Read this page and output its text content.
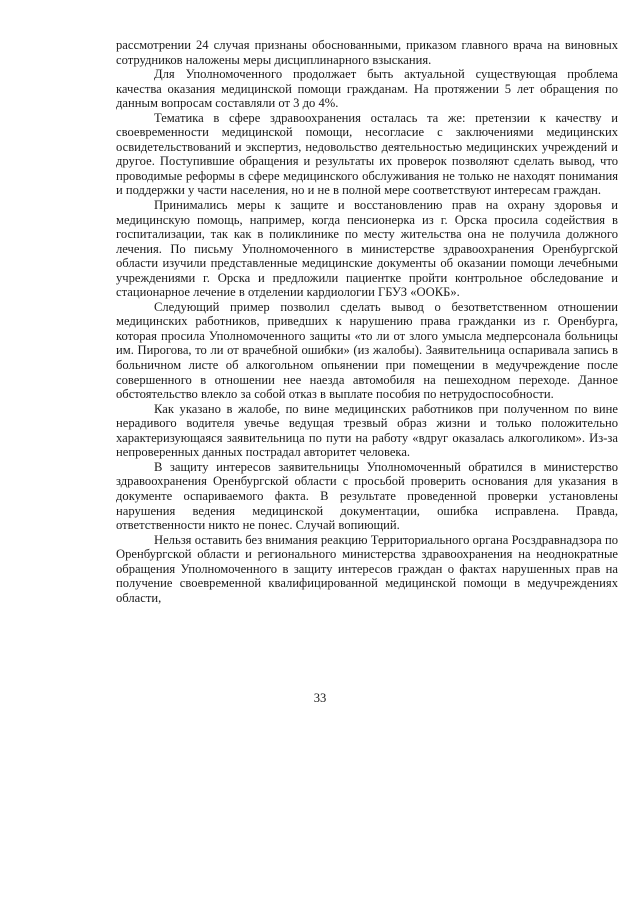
рассмотрении 24 случая признаны обоснованными, приказом главного врача на виновных сотрудников наложены меры дисциплинарного взыскания.

Для Уполномоченного продолжает быть актуальной существующая проблема качества оказания медицинской помощи гражданам. На протяжении 5 лет обращения по данным вопросам составляли от 3 до 4%.

Тематика в сфере здравоохранения осталась та же: претензии к качеству и своевременности медицинской помощи, несогласие с заключениями медицинских освидетельствований и экспертиз, недовольство деятельностью медицинских учреждений и другое. Поступившие обращения и результаты их проверок позволяют сделать вывод, что проводимые реформы в сфере медицинского обслуживания не только не находят понимания и поддержки у части населения, но и не в полной мере соответствуют интересам граждан.

Принимались меры к защите и восстановлению прав на охрану здоровья и медицинскую помощь, например, когда пенсионерка из г. Орска просила содействия в госпитализации, так как в поликлинике по месту жительства она не получила должного лечения. По письму Уполномоченного в министерстве здравоохранения Оренбургской области изучили представленные медицинские документы об оказании помощи лечебными учреждениями г. Орска и предложили пациентке пройти контрольное обследование и стационарное лечение в отделении кардиологии ГБУЗ «ООКБ».

Следующий пример позволил сделать вывод о безответственном отношении медицинских работников, приведших к нарушению права гражданки из г. Оренбурга, которая просила Уполномоченного защиты «то ли от злого умысла медперсонала больницы им. Пирогова, то ли от врачебной ошибки» (из жалобы). Заявительница оспаривала запись в больничном листе об алкогольном опьянении при помещении в медучреждение после совершенного в отношении нее наезда автомобиля на пешеходном переходе. Данное обстоятельство влекло за собой отказ в выплате пособия по нетрудоспособности.

Как указано в жалобе, по вине медицинских работников при полученном по вине нерадивого водителя увечье ведущая трезвый образ жизни и только положительно характеризующаяся заявительница по пути на работу «вдруг оказалась алкоголиком». Из-за непроверенных данных пострадал авторитет человека.

В защиту интересов заявительницы Уполномоченный обратился в министерство здравоохранения Оренбургской области с просьбой проверить основания для указания в документе оспариваемого факта. В результате проведенной проверки установлены нарушения ведения медицинской документации, ошибка исправлена. Правда, ответственности никто не понес. Случай вопиющий.

Нельзя оставить без внимания реакцию Территориального органа Росздравнадзора по Оренбургской области и регионального министерства здравоохранения на неоднократные обращения Уполномоченного в защиту интересов граждан о фактах нарушенных прав на получение своевременной квалифицированной медицинской помощи в медучреждениях области,

33
